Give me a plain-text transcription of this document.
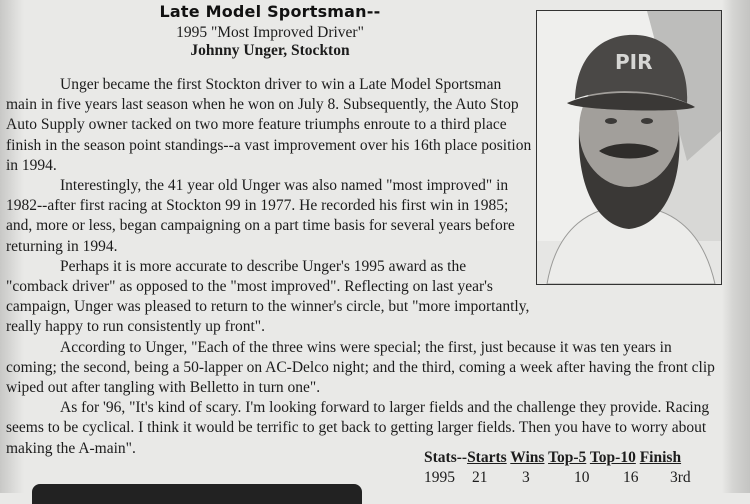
Late Model Sportsman--
1995 "Most Improved Driver"
Johnny Unger, Stockton	PIR

Unger became the first Stockton driver to win a Late Model Sportsman main in five years last season when he won on July 8. Subsequently, the Auto Stop Auto Supply owner tacked on two more feature triumphs enroute to a third place finish in the season point standings--a vast improvement over his 16th place position in 1994.

Interestingly, the 41 year old Unger was also named "most improved" in 1982--after first racing at Stockton 99 in 1977. He recorded his first win in 1985; and, more or less, began campaigning on a part time basis for several years before returning in 1994.

Perhaps it is more accurate to describe Unger's 1995 award as the "comback driver" as opposed to the "most improved". Reflecting on last year's campaign, Unger was pleased to return to the winner's circle, but "more importantly, really happy to run consistently up front".

According to Unger, "Each of the three wins were special; the first, just because it was ten years in coming; the second, being a 50-lapper on AC-Delco night; and the third, coming a week after having the front clip wiped out after tangling with Belletto in turn one".

As for '96, "It's kind of scary. I'm looking forward to larger fields and the challenge they provide. Racing seems to be cyclical. I think it would be terrific to get back to getting larger fields. Then you have to worry about making the A-main".

Stats--Starts Wins Top-5 Top-10 Finish
1995 21 3	10 16 3rd
